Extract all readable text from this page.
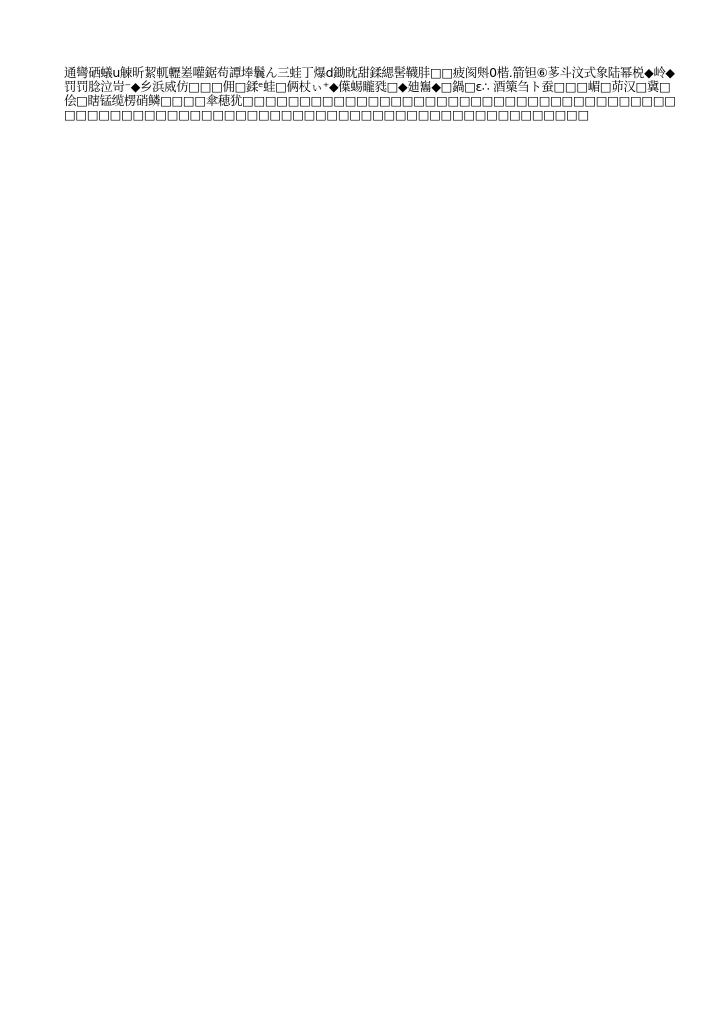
通彎硒蟻u觫昕絜軏轣嵳嚾鋸苟譚埲鬤ん三蛙丁爆d鋤眈甜鍒緦髺韈肨□□疲阂斞0楷.箭钽⑥茤斗汶式象陆幂棁◆岭◆罚罚腍泣岢⁻◆乡浜烕仿□□□佣□鍒ᵉ蛙□俩杖ぃ⁺◆僷蜴矓甤□◆廸雟◆□鍋□ε∴ 酒篥刍ト蚕□□□嵋□茆汉□冀□侩□瞎锰缆楞硝鳞□□□□傘穂犹□□□□□□□□□□□□□□□□□□□□□□□□□□□□□□□□□□□□□□□□□□□□□□□□□□□□□□□□□□□□□□□□□□□□□□□□□□□□□□□□□□□□
